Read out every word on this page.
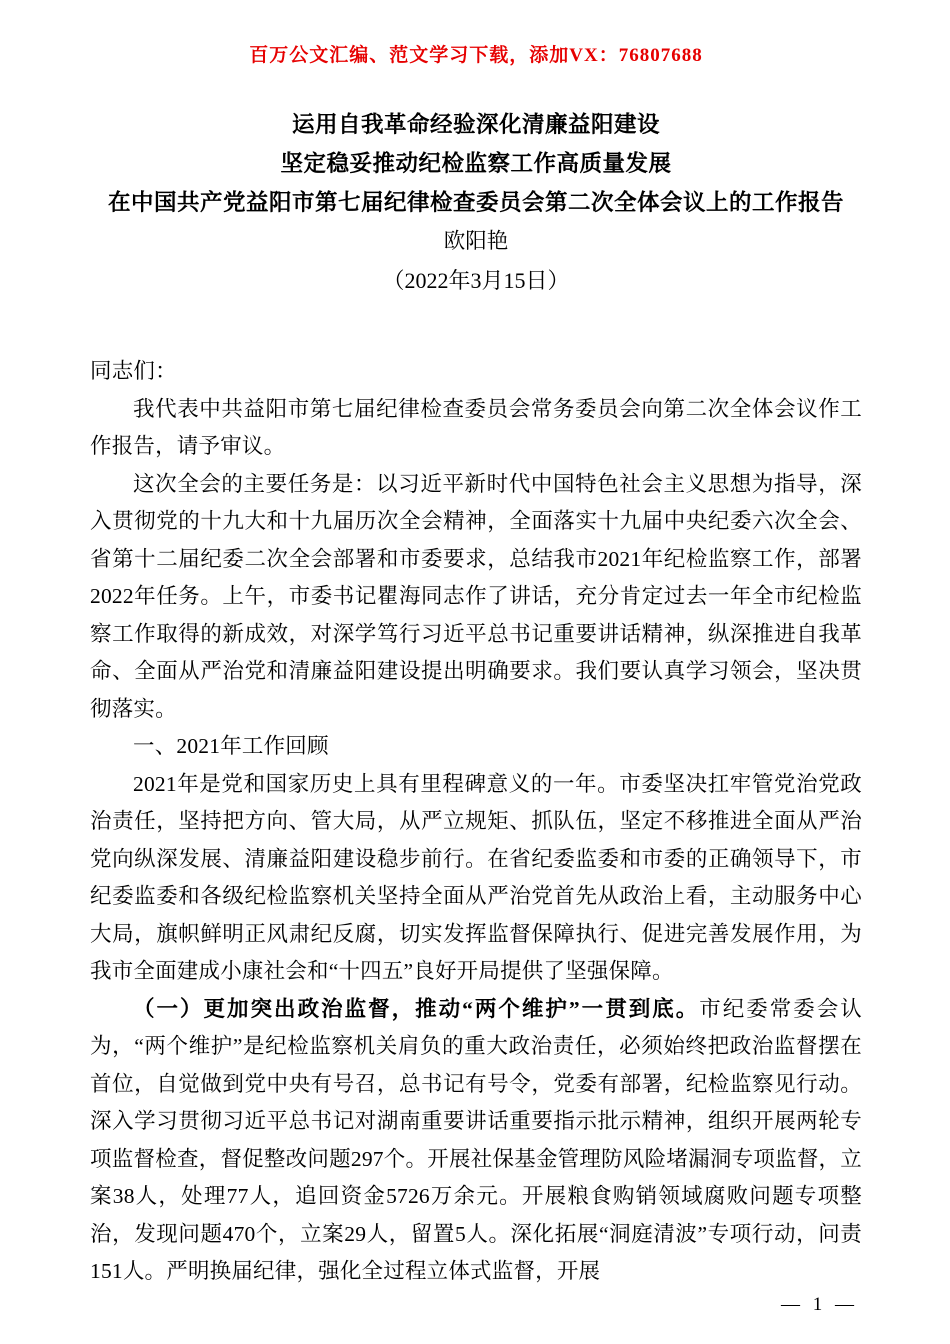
百万公文汇编、范文学习下载，添加VX：76807688
运用自我革命经验深化清廉益阳建设
坚定稳妥推动纪检监察工作高质量发展
在中国共产党益阳市第七届纪律检查委员会第二次全体会议上的工作报告
欧阳艳
（2022年3月15日）

同志们：

我代表中共益阳市第七届纪律检查委员会常务委员会向第二次全体会议作工作报告，请予审议。

这次全会的主要任务是：以习近平新时代中国特色社会主义思想为指导，深入贯彻党的十九大和十九届历次全会精神，全面落实十九届中央纪委六次全会、省第十二届纪委二次全会部署和市委要求，总结我市2021年纪检监察工作，部署2022年任务。上午，市委书记瞿海同志作了讲话，充分肯定过去一年全市纪检监察工作取得的新成效，对深学笃行习近平总书记重要讲话精神，纵深推进自我革命、全面从严治党和清廉益阳建设提出明确要求。我们要认真学习领会，坚决贯彻落实。

一、2021年工作回顾

2021年是党和国家历史上具有里程碑意义的一年。市委坚决扛牢管党治党政治责任，坚持把方向、管大局，从严立规矩、抓队伍，坚定不移推进全面从严治党向纵深发展、清廉益阳建设稳步前行。在省纪委监委和市委的正确领导下，市纪委监委和各级纪检监察机关坚持全面从严治党首先从政治上看，主动服务中心大局，旗帜鲜明正风肃纪反腐，切实发挥监督保障执行、促进完善发展作用，为我市全面建成小康社会和“十四五”良好开局提供了坚强保障。

（一）更加突出政治监督，推动“两个维护”一贯到底。市纪委常委会认为，“两个维护”是纪检监察机关肩负的重大政治责任，必须始终把政治监督摆在首位，自觉做到党中央有号召，总书记有号令，党委有部署，纪检监察见行动。深入学习贯彻习近平总书记对湖南重要讲话重要指示批示精神，组织开展两轮专项监督检查，督促整改问题297个。开展社保基金管理防风险堵漏洞专项监督，立案38人，处理77人，追回资金5726万余元。开展粮食购销领域腐败问题专项整治，发现问题470个，立案29人，留置5人。深化拓展“洞庭清波”专项行动，问责151人。严明换届纪律，强化全过程立体式监督，开展

— 1 —
